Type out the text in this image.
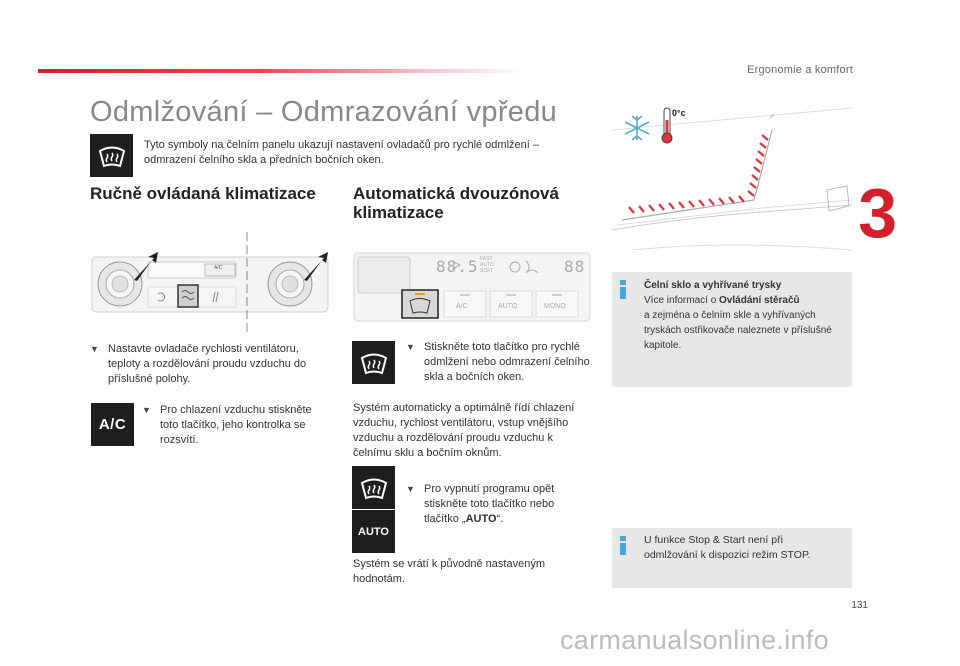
Ergonomie a komfort
3
Odmlžování – Odmrazování vpředu
Tyto symboly na čelním panelu ukazují nastavení ovladačů pro rychlé odmlžení – odmrazení čelního skla a předních bočních oken.
Ručně ovládaná klimatizace
A/C
▼ Nastavte ovladače rychlosti ventilátoru, teploty a rozdělování proudu vzduchu do příslušné polohy.
A/C
▼ Pro chlazení vzduchu stiskněte toto tlačítko, jeho kontrolka se rozsvítí.
Automatická dvouzónová
klimatizace
88.5 FAST
AUTO
SOFT	88
A/C	AUTO	MONO
▼ Stiskněte toto tlačítko pro rychlé odmlžení nebo odmrazení čelního skla a bočních oken.
Systém automaticky a optimálně řídí chlazení vzduchu, rychlost ventilátoru, vstup vnějšího vzduchu a rozdělování proudu vzduchu k čelnímu sklu a bočním oknům.
AUTO
▼ Pro vypnutí programu opět stiskněte toto tlačítko nebo tlačítko „AUTO“.
Systém se vrátí k původně nastaveným hodnotám.
0°c
Čelní sklo a vyhřívané trysky
Více informací o Ovládání stěračů
a zejména o čelním skle a vyhřívaných tryskách ostřikovače naleznete v příslušné kapitole.
U funkce Stop & Start není při odmlžování k dispozici režim STOP.
131
carmanualsonline.info
